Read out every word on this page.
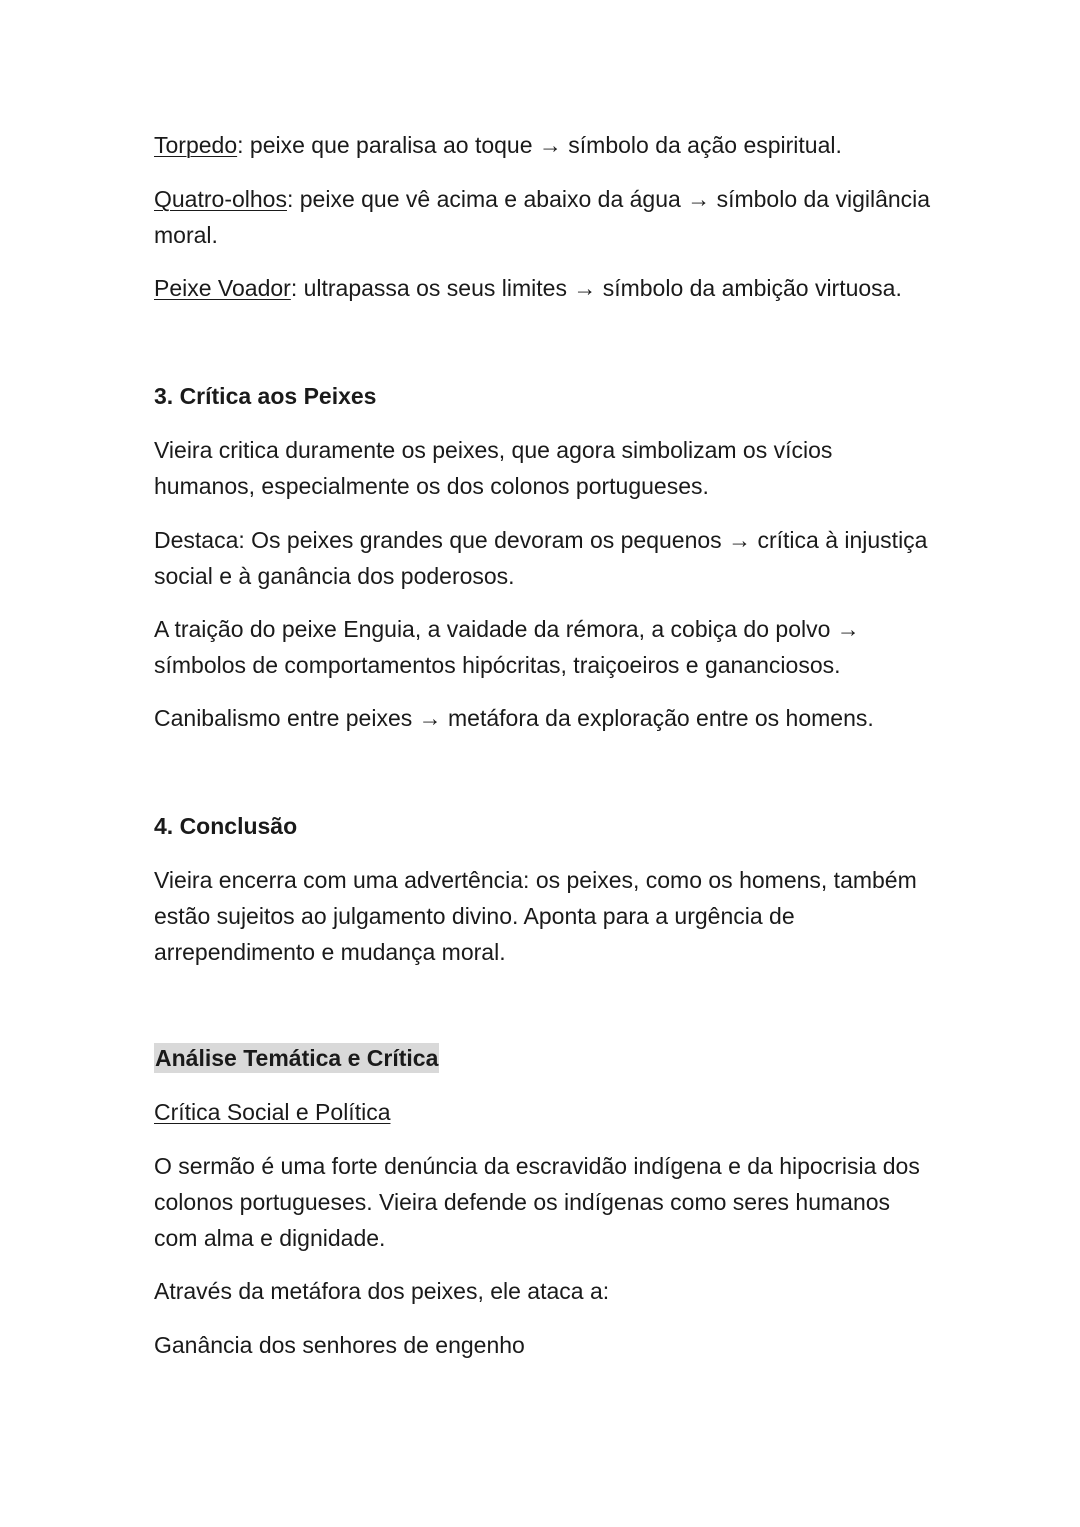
Torpedo: peixe que paralisa ao toque → símbolo da ação espiritual.

Quatro-olhos: peixe que vê acima e abaixo da água → símbolo da vigilância moral.

Peixe Voador: ultrapassa os seus limites → símbolo da ambição virtuosa.

3. Crítica aos Peixes

Vieira critica duramente os peixes, que agora simbolizam os vícios humanos, especialmente os dos colonos portugueses.

Destaca: Os peixes grandes que devoram os pequenos → crítica à injustiça social e à ganância dos poderosos.

A traição do peixe Enguia, a vaidade da rémora, a cobiça do polvo → símbolos de comportamentos hipócritas, traiçoeiros e gananciosos.

Canibalismo entre peixes → metáfora da exploração entre os homens.

4. Conclusão

Vieira encerra com uma advertência: os peixes, como os homens, também estão sujeitos ao julgamento divino. Aponta para a urgência de arrependimento e mudança moral.

Análise Temática e Crítica

Crítica Social e Política

O sermão é uma forte denúncia da escravidão indígena e da hipocrisia dos colonos portugueses. Vieira defende os indígenas como seres humanos com alma e dignidade.

Através da metáfora dos peixes, ele ataca a:

Ganância dos senhores de engenho
